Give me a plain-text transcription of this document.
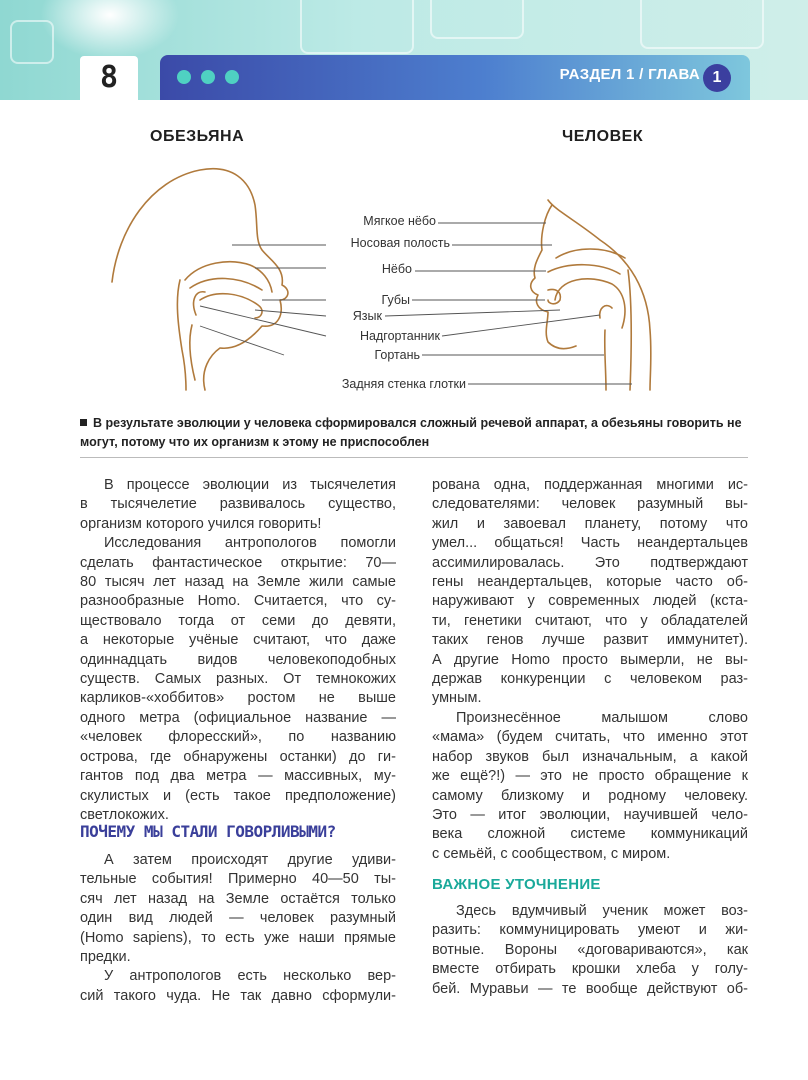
8	РАЗДЕЛ 1 / ГЛАВА 1
ОБЕЗЬЯНА	ЧЕЛОВЕК
Мягкое нёбо
Носовая полость
Нёбо
Губы
Язык
Надгортанник
Гортань
Задняя стенка глотки
В результате эволюции у человека сформировался сложный речевой аппарат, а обезьяны говорить не могут, потому что их организм к этому не приспособлен

В процессе эволюции из тысячелетия
в тысячелетие развивалось существо,
организм которого учился говорить!

Исследования антропологов помогли
сделать фантастическое открытие: 70—
80 тысяч лет назад на Земле жили самые
разнообразные Homo. Считается, что су-
ществовало тогда от семи до девяти,
а некоторые учёные считают, что даже
одиннадцать видов человекоподобных
существ. Самых разных. От темнокожих
карликов-«хоббитов» ростом не выше
одного метра (официальное название —
«человек флоресский», по названию
острова, где обнаружены останки) до ги-
гантов под два метра — массивных, му-
скулистых и (есть такое предположение)
светлокожих.

ПОЧЕМУ МЫ СТАЛИ ГОВОРЛИВЫМИ?

А затем происходят другие удиви-
тельные события! Примерно 40—50 ты-
сяч лет назад на Земле остаётся только
один вид людей — человек разумный
(Homo sapiens), то есть уже наши прямые
предки.

У антропологов есть несколько вер-
сий такого чуда. Не так давно сформули-

рована одна, поддержанная многими ис-
следователями: человек разумный вы-
жил и завоевал планету, потому что
умел... общаться! Часть неандертальцев
ассимилировалась. Это подтверждают
гены неандертальцев, которые часто об-
наруживают у современных людей (кста-
ти, генетики считают, что у обладателей
таких генов лучше развит иммунитет).
А другие Homo просто вымерли, не вы-
держав конкуренции с человеком раз-
умным.

Произнесённое малышом слово
«мама» (будем считать, что именно этот
набор звуков был изначальным, а какой
же ещё?!) — это не просто обращение к
самому близкому и родному человеку.
Это — итог эволюции, научившей чело-
века сложной системе коммуникаций
с семьёй, с сообществом, с миром.

ВАЖНОЕ УТОЧНЕНИЕ

Здесь вдумчивый ученик может воз-
разить: коммуницировать умеют и жи-
вотные. Вороны «договариваются», как
вместе отбирать крошки хлеба у голу-
бей. Муравьи — те вообще действуют об-
